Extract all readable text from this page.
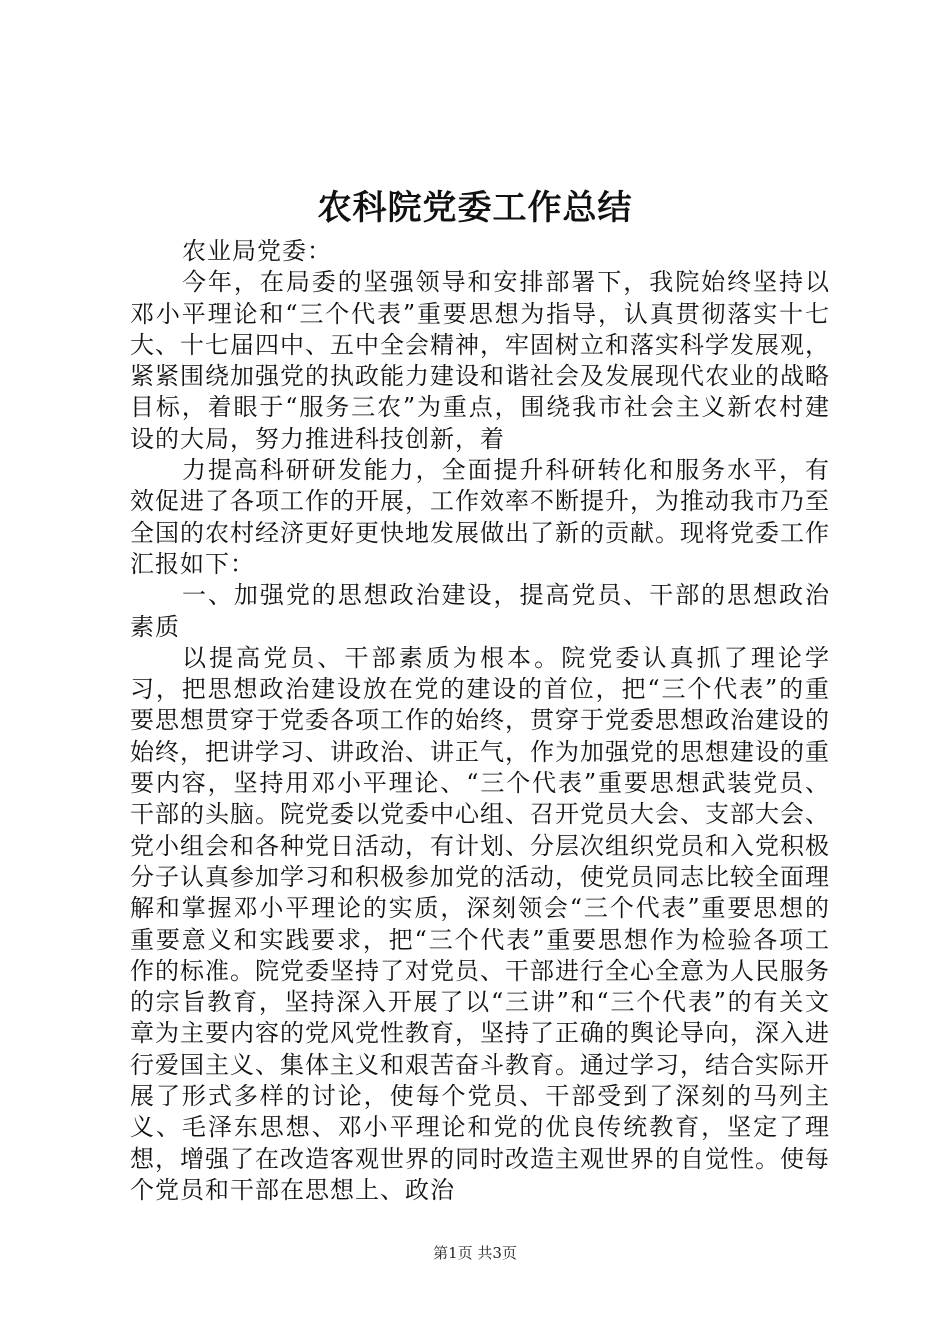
农科院党委工作总结

农业局党委：

今年，在局委的坚强领导和安排部署下，我院始终坚持以邓小平理论和“三个代表”重要思想为指导，认真贯彻落实十七大、十七届四中、五中全会精神，牢固树立和落实科学发展观，紧紧围绕加强党的执政能力建设和谐社会及发展现代农业的战略目标，着眼于“服务三农”为重点，围绕我市社会主义新农村建设的大局，努力推进科技创新，着

力提高科研研发能力，全面提升科研转化和服务水平，有效促进了各项工作的开展，工作效率不断提升，为推动我市乃至全国的农村经济更好更快地发展做出了新的贡献。现将党委工作汇报如下：

一、加强党的思想政治建设，提高党员、干部的思想政治素质

以提高党员、干部素质为根本。院党委认真抓了理论学习，把思想政治建设放在党的建设的首位，把“三个代表”的重要思想贯穿于党委各项工作的始终，贯穿于党委思想政治建设的始终，把讲学习、讲政治、讲正气，作为加强党的思想建设的重要内容，坚持用邓小平理论、“三个代表”重要思想武装党员、干部的头脑。院党委以党委中心组、召开党员大会、支部大会、党小组会和各种党日活动，有计划、分层次组织党员和入党积极分子认真参加学习和积极参加党的活动，使党员同志比较全面理解和掌握邓小平理论的实质，深刻领会“三个代表”重要思想的重要意义和实践要求，把“三个代表”重要思想作为检验各项工作的标准。院党委坚持了对党员、干部进行全心全意为人民服务的宗旨教育，坚持深入开展了以“三讲”和“三个代表”的有关文章为主要内容的党风党性教育，坚持了正确的舆论导向，深入进行爱国主义、集体主义和艰苦奋斗教育。通过学习，结合实际开展了形式多样的讨论，使每个党员、干部受到了深刻的马列主义、毛泽东思想、邓小平理论和党的优良传统教育，坚定了理想，增强了在改造客观世界的同时改造主观世界的自觉性。使每个党员和干部在思想上、政治

第1页 共3页
